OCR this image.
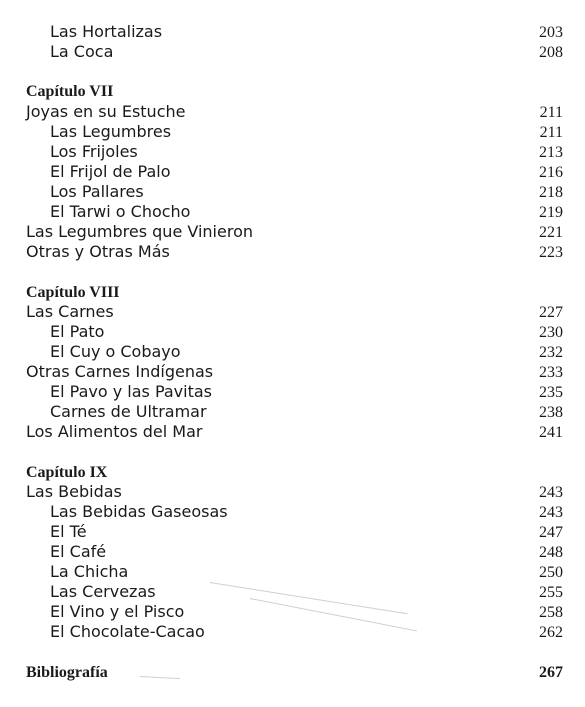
Las Hortalizas	203
La Coca	208
Capítulo VII
Joyas en su Estuche	211
Las Legumbres	211
Los Frijoles	213
El Frijol de Palo	216
Los Pallares	218
El Tarwi o Chocho	219
Las Legumbres que Vinieron	221
Otras y Otras Más	223
Capítulo VIII
Las Carnes	227
El Pato	230
El Cuy o Cobayo	232
Otras Carnes Indígenas	233
El Pavo y las Pavitas	235
Carnes de Ultramar	238
Los Alimentos del Mar	241
Capítulo IX
Las Bebidas	243
Las Bebidas Gaseosas	243
El Té	247
El Café	248
La Chicha	250
Las Cervezas	255
El Vino y el Pisco	258
El Chocolate-Cacao	262
Bibliografía	267
